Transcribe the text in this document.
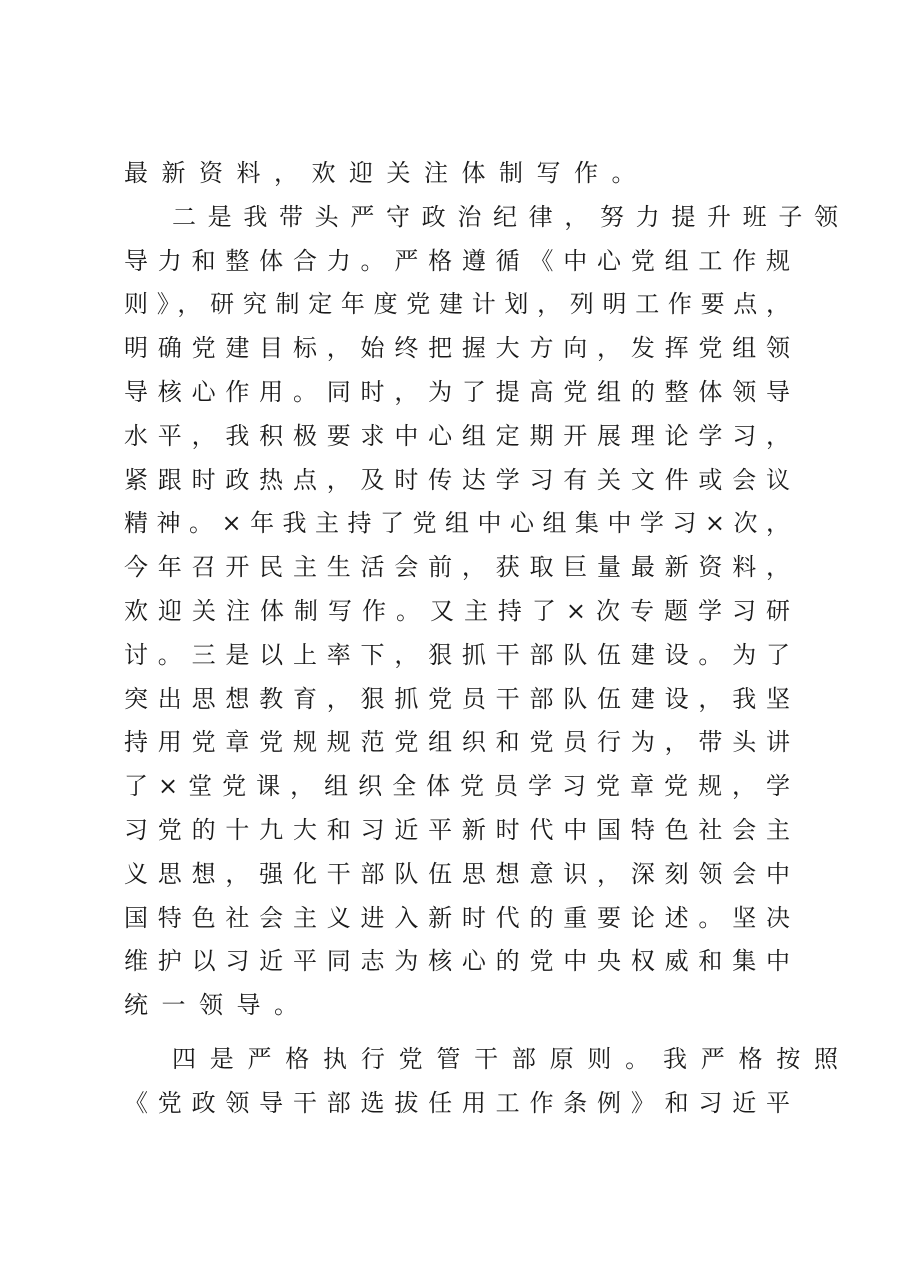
最新资料，欢迎关注体制写作。
二是我带头严守政治纪律，努力提升班子领
导力和整体合力。严格遵循《中心党组工作规
则》，研究制定年度党建计划，列明工作要点，
明确党建目标，始终把握大方向，发挥党组领
导核心作用。同时，为了提高党组的整体领导
水平，我积极要求中心组定期开展理论学习，
紧跟时政热点，及时传达学习有关文件或会议
精神。×年我主持了党组中心组集中学习×次，
今年召开民主生活会前，获取巨量最新资料，
欢迎关注体制写作。又主持了×次专题学习研
讨。三是以上率下，狠抓干部队伍建设。为了
突出思想教育，狠抓党员干部队伍建设，我坚
持用党章党规规范党组织和党员行为，带头讲
了×堂党课，组织全体党员学习党章党规，学
习党的十九大和习近平新时代中国特色社会主
义思想，强化干部队伍思想意识，深刻领会中
国特色社会主义进入新时代的重要论述。坚决
维护以习近平同志为核心的党中央权威和集中
统一领导。
四是严格执行党管干部原则。我严格按照
《党政领导干部选拔任用工作条例》和习近平
